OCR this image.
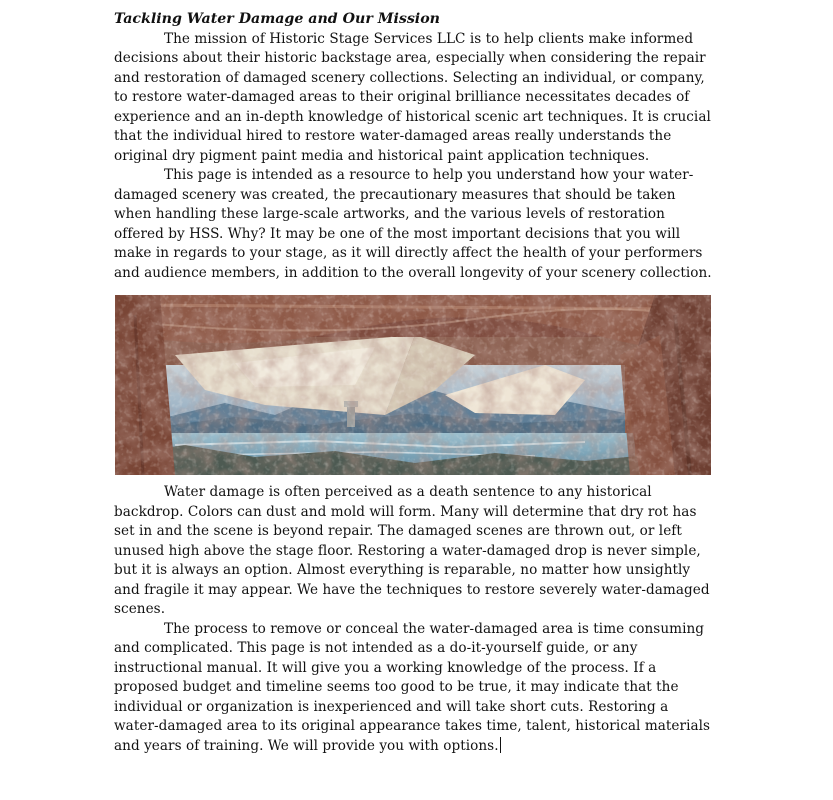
Tackling Water Damage and Our Mission

The mission of Historic Stage Services LLC is to help clients make informed decisions about their historic backstage area, especially when considering the repair and restoration of damaged scenery collections. Selecting an individual, or company, to restore water-damaged areas to their original brilliance necessitates decades of experience and an in-depth knowledge of historical scenic art techniques. It is crucial that the individual hired to restore water-damaged areas really understands the original dry pigment paint media and historical paint application techniques.

This page is intended as a resource to help you understand how your water-damaged scenery was created, the precautionary measures that should be taken when handling these large-scale artworks, and the various levels of restoration offered by HSS. Why? It may be one of the most important decisions that you will make in regards to your stage, as it will directly affect the health of your performers and audience members, in addition to the overall longevity of your scenery collection.

Water damage is often perceived as a death sentence to any historical backdrop. Colors can dust and mold will form. Many will determine that dry rot has set in and the scene is beyond repair. The damaged scenes are thrown out, or left unused high above the stage floor. Restoring a water-damaged drop is never simple, but it is always an option. Almost everything is reparable, no matter how unsightly and fragile it may appear. We have the techniques to restore severely water-damaged scenes.

The process to remove or conceal the water-damaged area is time consuming and complicated. This page is not intended as a do-it-yourself guide, or any instructional manual. It will give you a working knowledge of the process. If a proposed budget and timeline seems too good to be true, it may indicate that the individual or organization is inexperienced and will take short cuts. Restoring a water-damaged area to its original appearance takes time, talent, historical materials and years of training. We will provide you with options.
